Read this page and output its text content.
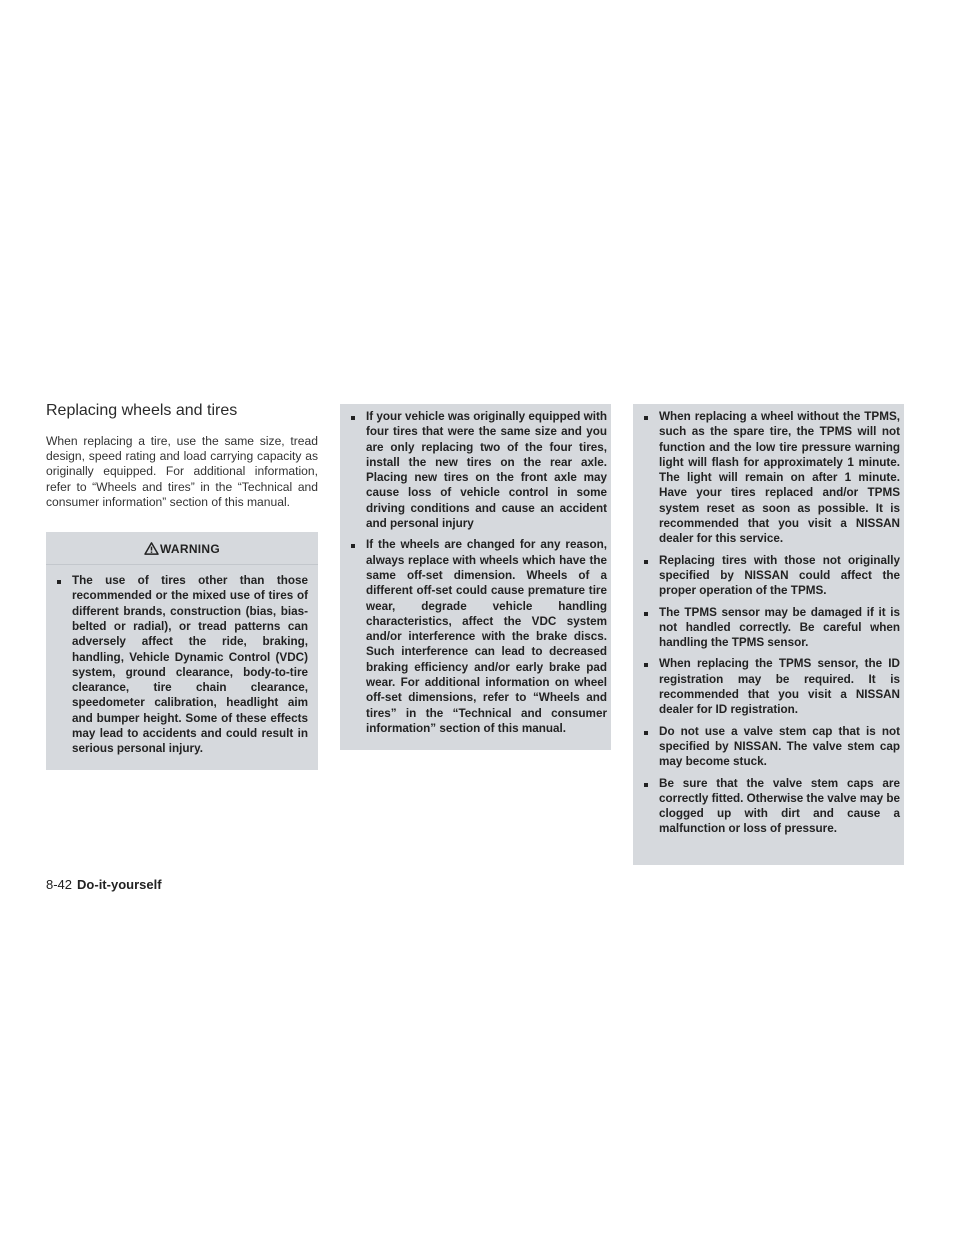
Replacing wheels and tires

When replacing a tire, use the same size, tread design, speed rating and load carrying capacity as originally equipped. For additional information, refer to “Wheels and tires” in the “Technical and consumer information” section of this manual.

WARNING
The use of tires other than those recommended or the mixed use of tires of different brands, construction (bias, bias-belted or radial), or tread patterns can adversely affect the ride, braking, handling, Vehicle Dynamic Control (VDC) system, ground clearance, body-to-tire clearance, tire chain clearance, speedometer calibration, headlight aim and bumper height. Some of these effects may lead to accidents and could result in serious personal injury.
If your vehicle was originally equipped with four tires that were the same size and you are only replacing two of the four tires, install the new tires on the rear axle. Placing new tires on the front axle may cause loss of vehicle control in some driving conditions and cause an accident and personal injury
If the wheels are changed for any reason, always replace with wheels which have the same off-set dimension. Wheels of a different off-set could cause premature tire wear, degrade vehicle handling characteristics, affect the VDC system and/or interference with the brake discs. Such interference can lead to decreased braking efficiency and/or early brake pad wear. For additional information on wheel off-set dimensions, refer to “Wheels and tires” in the “Technical and consumer information” section of this manual.
When replacing a wheel without the TPMS, such as the spare tire, the TPMS will not function and the low tire pressure warning light will flash for approximately 1 minute. The light will remain on after 1 minute. Have your tires replaced and/or TPMS system reset as soon as possible. It is recommended that you visit a NISSAN dealer for this service.
Replacing tires with those not originally specified by NISSAN could affect the proper operation of the TPMS.
The TPMS sensor may be damaged if it is not handled correctly. Be careful when handling the TPMS sensor.
When replacing the TPMS sensor, the ID registration may be required. It is recommended that you visit a NISSAN dealer for ID registration.
Do not use a valve stem cap that is not specified by NISSAN. The valve stem cap may become stuck.
Be sure that the valve stem caps are correctly fitted. Otherwise the valve may be clogged up with dirt and cause a malfunction or loss of pressure.
8-42 Do-it-yourself
